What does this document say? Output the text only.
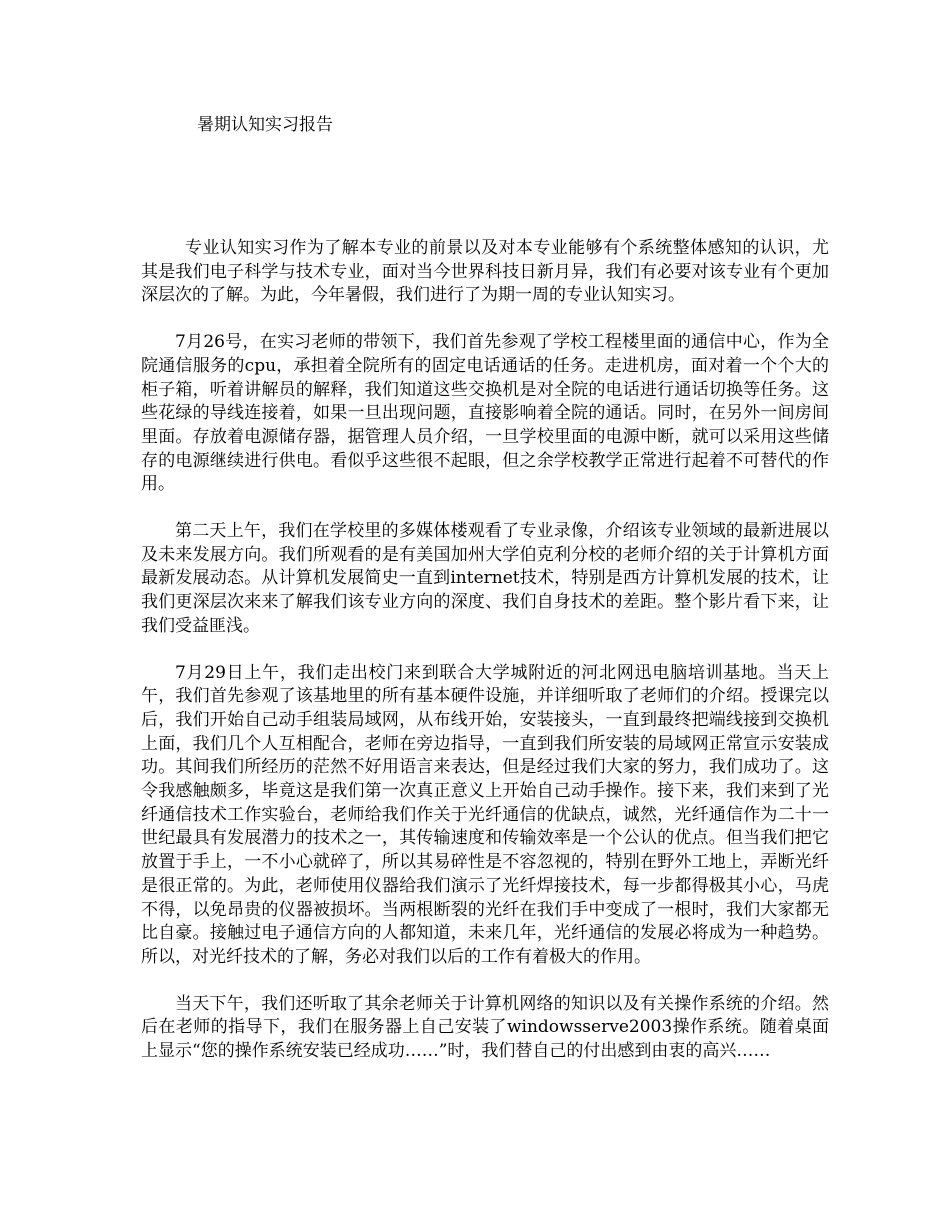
暑期认知实习报告

专业认知实习作为了解本专业的前景以及对本专业能够有个系统整体感知的认识，尤其是我们电子科学与技术专业，面对当今世界科技日新月异，我们有必要对该专业有个更加深层次的了解。为此，今年暑假，我们进行了为期一周的专业认知实习。

7月26号，在实习老师的带领下，我们首先参观了学校工程楼里面的通信中心，作为全院通信服务的cpu，承担着全院所有的固定电话通话的任务。走进机房，面对着一个个大的柜子箱，听着讲解员的解释，我们知道这些交换机是对全院的电话进行通话切换等任务。这些花绿的导线连接着，如果一旦出现问题，直接影响着全院的通话。同时，在另外一间房间里面。存放着电源储存器，据管理人员介绍，一旦学校里面的电源中断，就可以采用这些储存的电源继续进行供电。看似乎这些很不起眼，但之余学校教学正常进行起着不可替代的作用。

第二天上午，我们在学校里的多媒体楼观看了专业录像，介绍该专业领域的最新进展以及未来发展方向。我们所观看的是有美国加州大学伯克利分校的老师介绍的关于计算机方面最新发展动态。从计算机发展简史一直到internet技术，特别是西方计算机发展的技术，让我们更深层次来来了解我们该专业方向的深度、我们自身技术的差距。整个影片看下来，让我们受益匪浅。

7月29日上午，我们走出校门来到联合大学城附近的河北网迅电脑培训基地。当天上午，我们首先参观了该基地里的所有基本硬件设施，并详细听取了老师们的介绍。授课完以后，我们开始自己动手组装局域网，从布线开始，安装接头，一直到最终把端线接到交换机上面，我们几个人互相配合，老师在旁边指导，一直到我们所安装的局域网正常宣示安装成功。其间我们所经历的茫然不好用语言来表达，但是经过我们大家的努力，我们成功了。这令我感触颇多，毕竟这是我们第一次真正意义上开始自己动手操作。接下来，我们来到了光纤通信技术工作实验台，老师给我们作关于光纤通信的优缺点，诚然，光纤通信作为二十一世纪最具有发展潜力的技术之一，其传输速度和传输效率是一个公认的优点。但当我们把它放置于手上，一不小心就碎了，所以其易碎性是不容忽视的，特别在野外工地上，弄断光纤是很正常的。为此，老师使用仪器给我们演示了光纤焊接技术，每一步都得极其小心，马虎不得，以免昂贵的仪器被损坏。当两根断裂的光纤在我们手中变成了一根时，我们大家都无比自豪。接触过电子通信方向的人都知道，未来几年，光纤通信的发展必将成为一种趋势。所以，对光纤技术的了解，务必对我们以后的工作有着极大的作用。

当天下午，我们还听取了其余老师关于计算机网络的知识以及有关操作系统的介绍。然后在老师的指导下，我们在服务器上自己安装了windowsserve2003操作系统。随着桌面上显示“您的操作系统安装已经成功……”时，我们替自己的付出感到由衷的高兴……
